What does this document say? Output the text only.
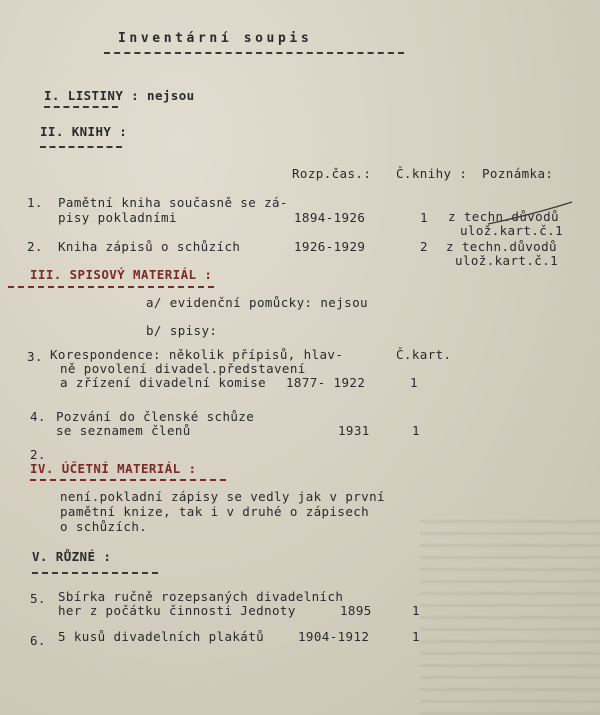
Inventární soupis
I. LISTINY : nejsou
II. KNIHY :
Rozp.čas.: Č.knihy : Poznámka:
1. Pamětní kniha současně se zá-
pisy pokladními	1894-1926	1 z techn.důvodů
ulož.kart.č.1
2. Kniha zápisů o schůzích	1926-1929	2 z techn.důvodů
ulož.kart.č.1
III. SPISOVÝ MATERIÁL :
a/ evidenční pomůcky: nejsou
b/ spisy:
Č.kart.
3. Korespondence: několik přípisů, hlav-
ně povolení divadel.představení
a zřízení divadelní komise 1877- 1922	1
4. Pozvání do členské schůze
se seznamem členů	1931	1
2.
IV. ÚČETNÍ MATERIÁL :
není.pokladní zápisy se vedly jak v první
pamětní knize, tak i v druhé o zápisech
o schůzích.
V. RŮZNÉ :
5. Sbírka ručně rozepsaných divadelních
her z počátku činnosti Jednoty	1895	1
6. 5 kusů divadelních plakátů	1904-1912	1
